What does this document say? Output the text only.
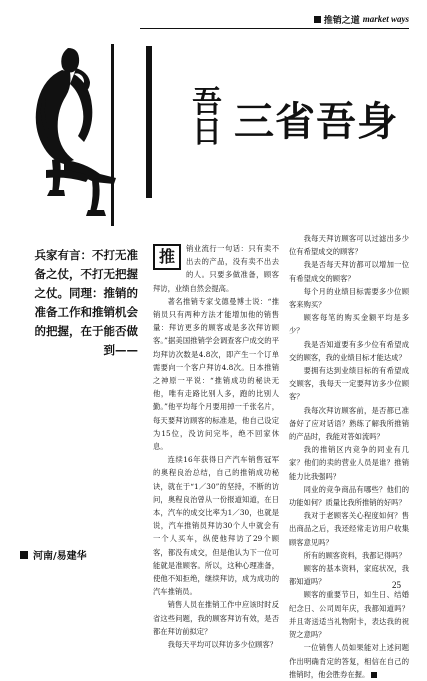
推销之道 market ways
吾日 三省吾身
兵家有言：不打无准备之仗，不打无把握之仗。同理：推销的准备工作和推销机会的把握，在于能否做到——
河南/易建华
推	销业流行一句话：只有卖不出去的产品，没有卖不出去的人。只要多做准备，顾客拜访，业绩自然会提高。

著名推销专家戈德曼博士说：“推销员只有两种方法才能增加他的销售量：拜访更多的顾客或是多次拜访顾客。”据美国推销学会调查客户成交的平均拜访次数是4.8次，即产生一个订单需要向一个客户拜访4.8次。日本推销之神原一平说：“推销成功的秘诀无他，唯有走路比别人多，跑的比别人勤。”他平均每个月要用掉一千张名片，每天要拜访顾客的标准是，他自己设定为15位，没访问完毕，绝不回家休息。

连续16年获得日产汽车销售冠军的奥程良治总结，自己的推销成功秘诀，就在于“1／30”的坚持，不断的访问，奥程良治曾从一份报道知道，在日本，汽车的成交比率为1／30，也就是说，汽车推销员拜访30个人中就会有一个人买车，纵使他拜访了29个顾客，都没有成交，但是他认为下一位可能就是准顾客。所以，这种心理准备，使他不知拒绝，继续拜访，成为成功的汽车推销员。

销售人员在推销工作中应该时时反省这些问题，我的顾客拜访有效，是否都在拜访前拟定？

我每天平均可以拜访多少位顾客？

我每天拜访顾客可以过滤出多少位有希望成交的顾客？

我是否每天拜访都可以增加一位有希望成交的顾客？

每个月的业绩目标需要多少位顾客来购买？

顾客每笔的购买金额平均是多少？

我是否知道要有多少位有希望成交的顾客，我的业绩目标才能达成？

要拥有达到业绩目标的有希望成交顾客，我每天一定要拜访多少位顾客？

我每次拜访顾客前，是否都已准备好了应对话语？熟练了解我所推销的产品时，我能对答如流吗？

我的推销区内竞争的同业有几家？他们的卖的营业人员是谁？推销能力比我强吗？

同业的竞争商品有哪些？他们的功能如何？质量比我所推销的好吗？

我对于老顾客关心程度如何？售出商品之后，我还经常走访用户收集顾客意见吗？

所有的顾客资料，我都记得吗？

顾客的基本资料，家庭状况，我都知道吗？

顾客的重要节日，如生日、结婚纪念日、公司周年庆，我都知道吗？并且寄送适当礼物附卡，表达我的祝贺之意吗？

一位销售人员如果能对上述问题作出明确肯定的答复，相信在自己的推销时，他会胜券在握。

25
